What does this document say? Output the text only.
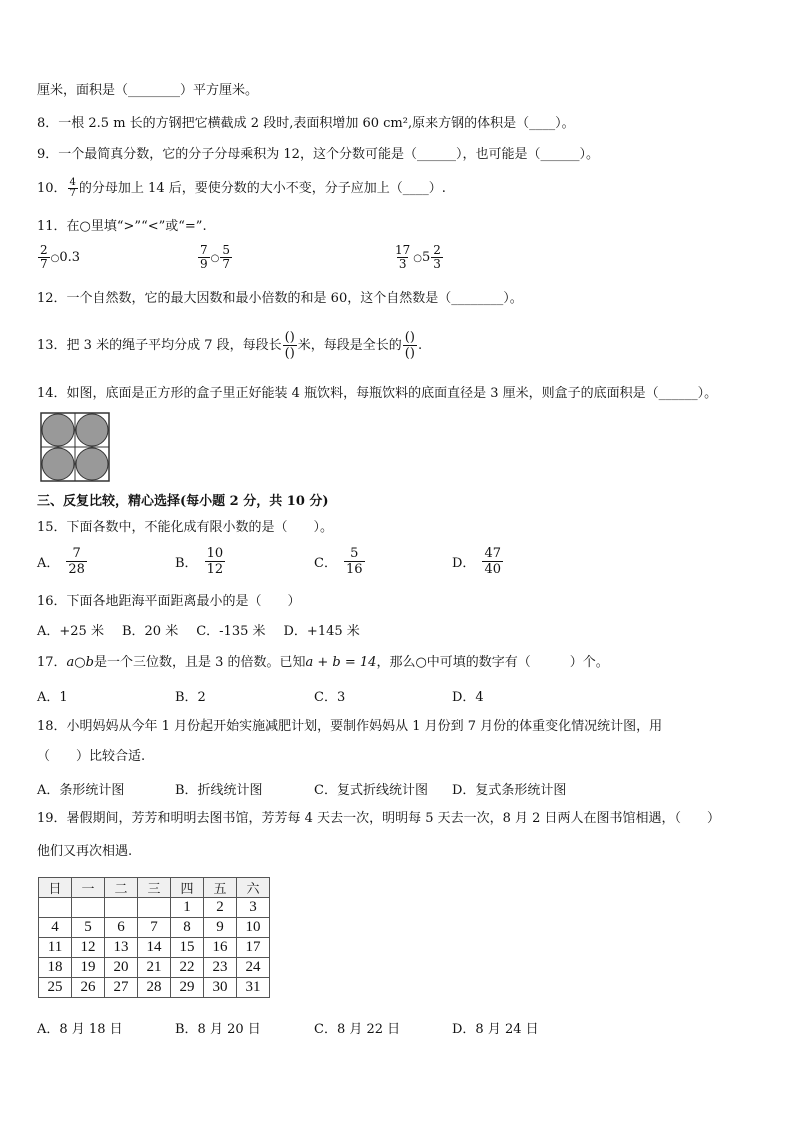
厘米，面积是（________）平方厘米。
8．一根 2.5 m 长的方钢把它横截成 2 段时,表面积增加 60 cm²,原来方钢的体积是（____）。
9．一个最简真分数，它的分子分母乘积为 12，这个分数可能是（______），也可能是（______）。
10． $\frac{4}{7}$ 的分母加上 14 后，要使分数的大小不变，分子应加上（____）.
11．在○里填“>”“<”或“=”.
$\frac{2}{7}$ ○0.3	$\frac{7}{9}$ ○ $\frac{5}{7}$	$\frac{17}{3}$ ○5 $\frac{2}{3}$
12．一个自然数，它的最大因数和最小倍数的和是 60，这个自然数是（________）。
13．把 3 米的绳子平均分成 7 段，每段长 $\frac{()}{()}$ 米，每段是全长的 $\frac{()}{()}$ .
14．如图，底面是正方形的盒子里正好能装 4 瓶饮料，每瓶饮料的底面直径是 3 厘米，则盒子的底面积是（______）。
三、反复比较，精心选择(每小题 2 分，共 10 分)
15．下面各数中，不能化成有限小数的是（　　）。
A． $\frac{7}{28}$	B． $\frac{10}{12}$	C． $\frac{5}{16}$	D． $\frac{47}{40}$
16．下面各地距海平面距离最小的是（　　）
A．+25 米 B．20 米 C．-135 米 D．+145 米
17．a○b是一个三位数，且是 3 的倍数。已知a + b = 14，那么○中可填的数字有（　　　）个。
A．1	B．2	C．3	D．4
18．小明妈妈从今年 1 月份起开始实施减肥计划，要制作妈妈从 1 月份到 7 月份的体重变化情况统计图，用
（　　）比较合适.
A．条形统计图	B．折线统计图	C．复式折线统计图 D．复式条形统计图
19．暑假期间，芳芳和明明去图书馆，芳芳每 4 天去一次，明明每 5 天去一次，8 月 2 日两人在图书馆相遇，（　　）
他们又再次相遇.
日	一	二	三	四	五	六
				1	2	3
4	5	6	7	8	9	10
11	12	13	14	15	16	17
18	19	20	21	22	23	24
25	26	27	28	29	30	31
A．8 月 18 日	B．8 月 20 日	C．8 月 22 日	D．8 月 24 日
